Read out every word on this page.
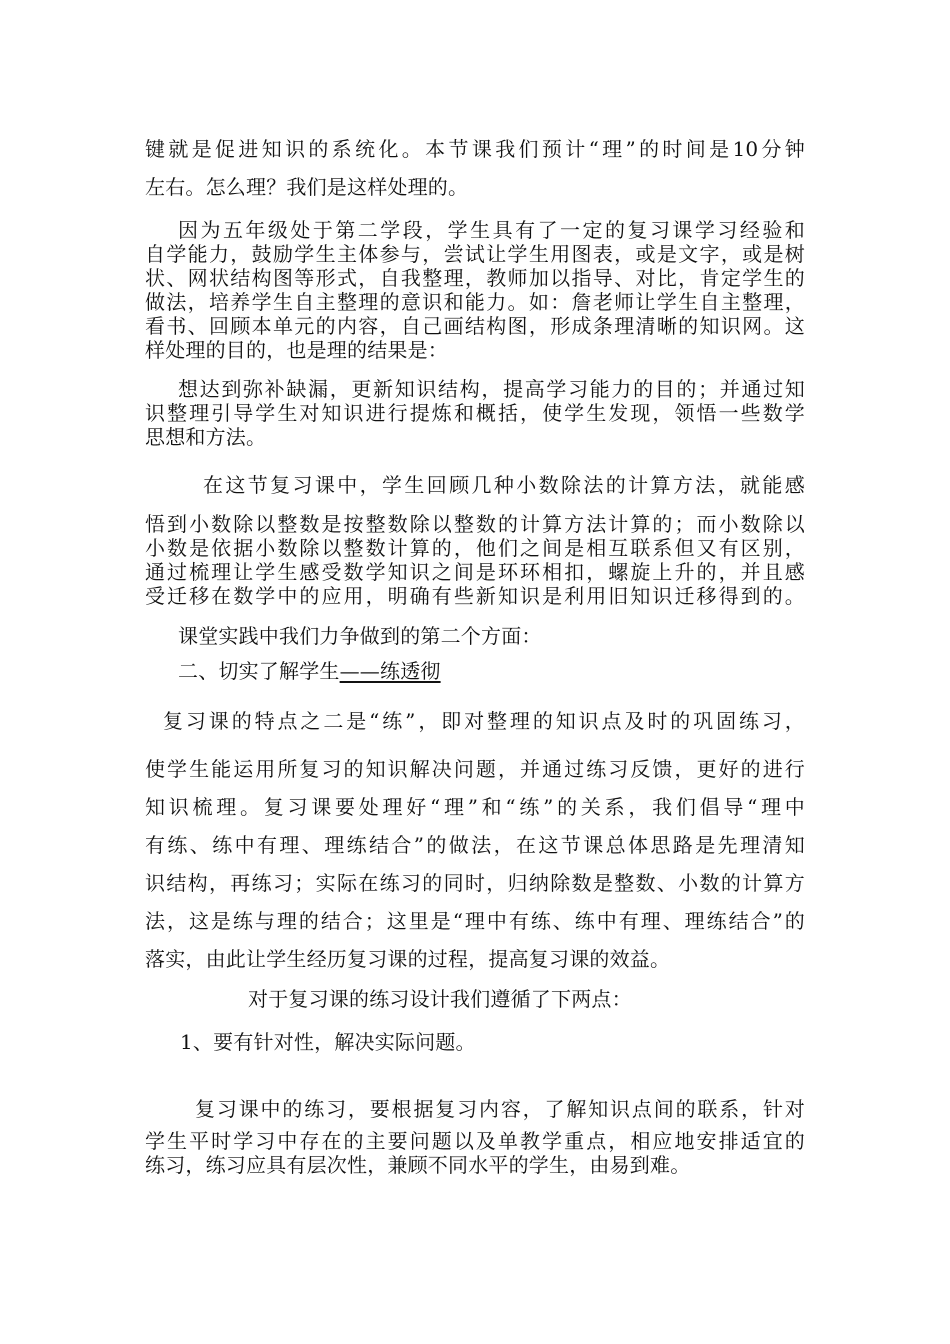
键就是促进知识的系统化。本节课我们预计“理”的时间是10分钟
左右。怎么理？我们是这样处理的。
因为五年级处于第二学段，学生具有了一定的复习课学习经验和
自学能力，鼓励学生主体参与，尝试让学生用图表，或是文字，或是树
状、网状结构图等形式，自我整理，教师加以指导、对比，肯定学生的
做法，培养学生自主整理的意识和能力。如：詹老师让学生自主整理，
看书、回顾本单元的内容，自己画结构图，形成条理清晰的知识网。这
样处理的目的，也是理的结果是：
想达到弥补缺漏，更新知识结构，提高学习能力的目的；并通过知
识整理引导学生对知识进行提炼和概括，使学生发现，领悟一些数学
思想和方法。
在这节复习课中，学生回顾几种小数除法的计算方法，就能感
悟到小数除以整数是按整数除以整数的计算方法计算的；而小数除以
小数是依据小数除以整数计算的，他们之间是相互联系但又有区别，
通过梳理让学生感受数学知识之间是环环相扣，螺旋上升的，并且感
受迁移在数学中的应用，明确有些新知识是利用旧知识迁移得到的。
课堂实践中我们力争做到的第二个方面：
二、切实了解学生——练透彻
复习课的特点之二是“练”，即对整理的知识点及时的巩固练习，
使学生能运用所复习的知识解决问题，并通过练习反馈，更好的进行
知识梳理。复习课要处理好“理”和“练”的关系，我们倡导“理中
有练、练中有理、理练结合”的做法，在这节课总体思路是先理清知
识结构，再练习；实际在练习的同时，归纳除数是整数、小数的计算方
法，这是练与理的结合；这里是“理中有练、练中有理、理练结合”的
落实，由此让学生经历复习课的过程，提高复习课的效益。
对于复习课的练习设计我们遵循了下两点：
1、要有针对性，解决实际问题。
复习课中的练习，要根据复习内容，了解知识点间的联系，针对
学生平时学习中存在的主要问题以及单教学重点，相应地安排适宜的
练习，练习应具有层次性，兼顾不同水平的学生，由易到难。
